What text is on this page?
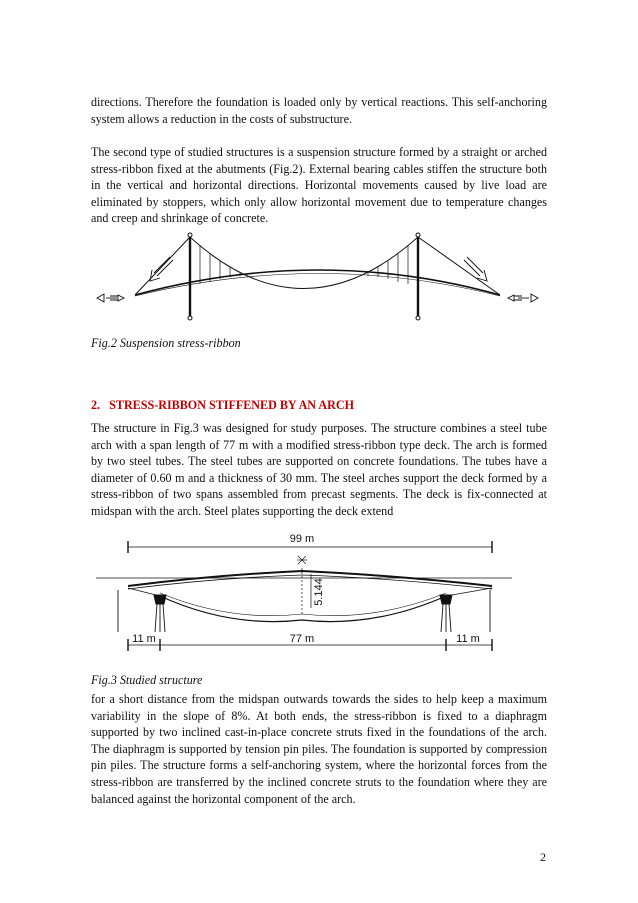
directions. Therefore the foundation is loaded only by vertical reactions. This self-anchoring system allows a reduction in the costs of substructure.

The second type of studied structures is a suspension structure formed by a straight or arched stress-ribbon fixed at the abutments (Fig.2). External bearing cables stiffen the structure both in the vertical and horizontal directions. Horizontal movements caused by live load are eliminated by stoppers, which only allow horizontal movement due to temperature changes and creep and shrinkage of concrete.

Fig.2 Suspension stress-ribbon

2. STRESS-RIBBON STIFFENED BY AN ARCH

The structure in Fig.3 was designed for study purposes. The structure combines a steel tube arch with a span length of 77 m with a modified stress-ribbon type deck. The arch is formed by two steel tubes. The steel tubes are supported on concrete foundations. The tubes have a diameter of 0.60 m and a thickness of 30 mm. The steel arches support the deck formed by a stress-ribbon of two spans assembled from precast segments. The deck is fix-connected at midspan with the arch. Steel plates supporting the deck extend

99 m
5.144
11 m	77 m	11 m

Fig.3 Studied structure

for a short distance from the midspan outwards towards the sides to help keep a maximum variability in the slope of 8%. At both ends, the stress-ribbon is fixed to a diaphragm supported by two inclined cast-in-place concrete struts fixed in the foundations of the arch. The diaphragm is supported by tension pin piles. The foundation is supported by compression pin piles. The structure forms a self-anchoring system, where the horizontal forces from the stress-ribbon are transferred by the inclined concrete struts to the foundation where they are balanced against the horizontal component of the arch.

2
